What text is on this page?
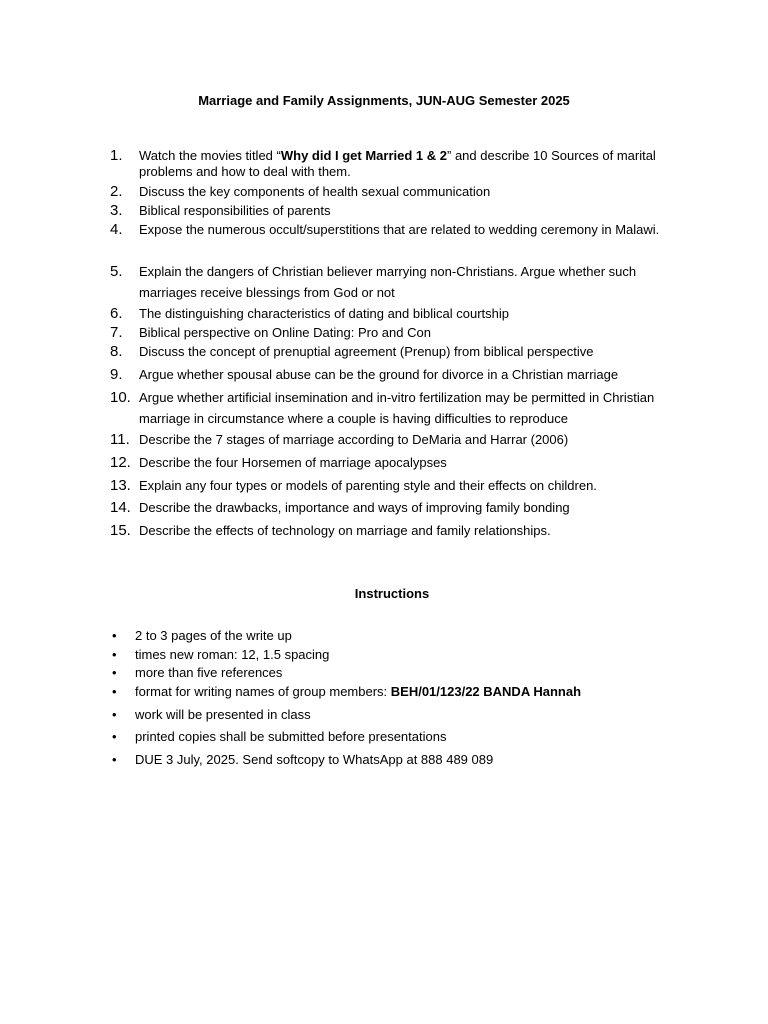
Marriage and Family Assignments, JUN-AUG Semester 2025
1.	Watch the movies titled “Why did I get Married 1 & 2” and describe 10 Sources of marital problems and how to deal with them.
2.	Discuss the key components of health sexual communication
3.	Biblical responsibilities of parents
4.	Expose the numerous occult/superstitions that are related to wedding ceremony in Malawi.
5.	Explain the dangers of Christian believer marrying non-Christians. Argue whether such marriages receive blessings from God or not
6.	The distinguishing characteristics of dating and biblical courtship
7.	Biblical perspective on Online Dating: Pro and Con
8.	Discuss the concept of prenuptial agreement (Prenup) from biblical perspective
9.	Argue whether spousal abuse can be the ground for divorce in a Christian marriage
10. Argue whether artificial insemination and in-vitro fertilization may be permitted in Christian marriage in circumstance where a couple is having difficulties to reproduce
11. Describe the 7 stages of marriage according to DeMaria and Harrar (2006)
12. Describe the four Horsemen of marriage apocalypses
13. Explain any four types or models of parenting style and their effects on children.
14. Describe the drawbacks, importance and ways of improving family bonding
15. Describe the effects of technology on marriage and family relationships.
Instructions
• 2 to 3 pages of the write up
• times new roman: 12, 1.5 spacing
• more than five references
• format for writing names of group members: BEH/01/123/22 BANDA Hannah
• work will be presented in class
• printed copies shall be submitted before presentations
• DUE 3 July, 2025. Send softcopy to WhatsApp at 888 489 089
